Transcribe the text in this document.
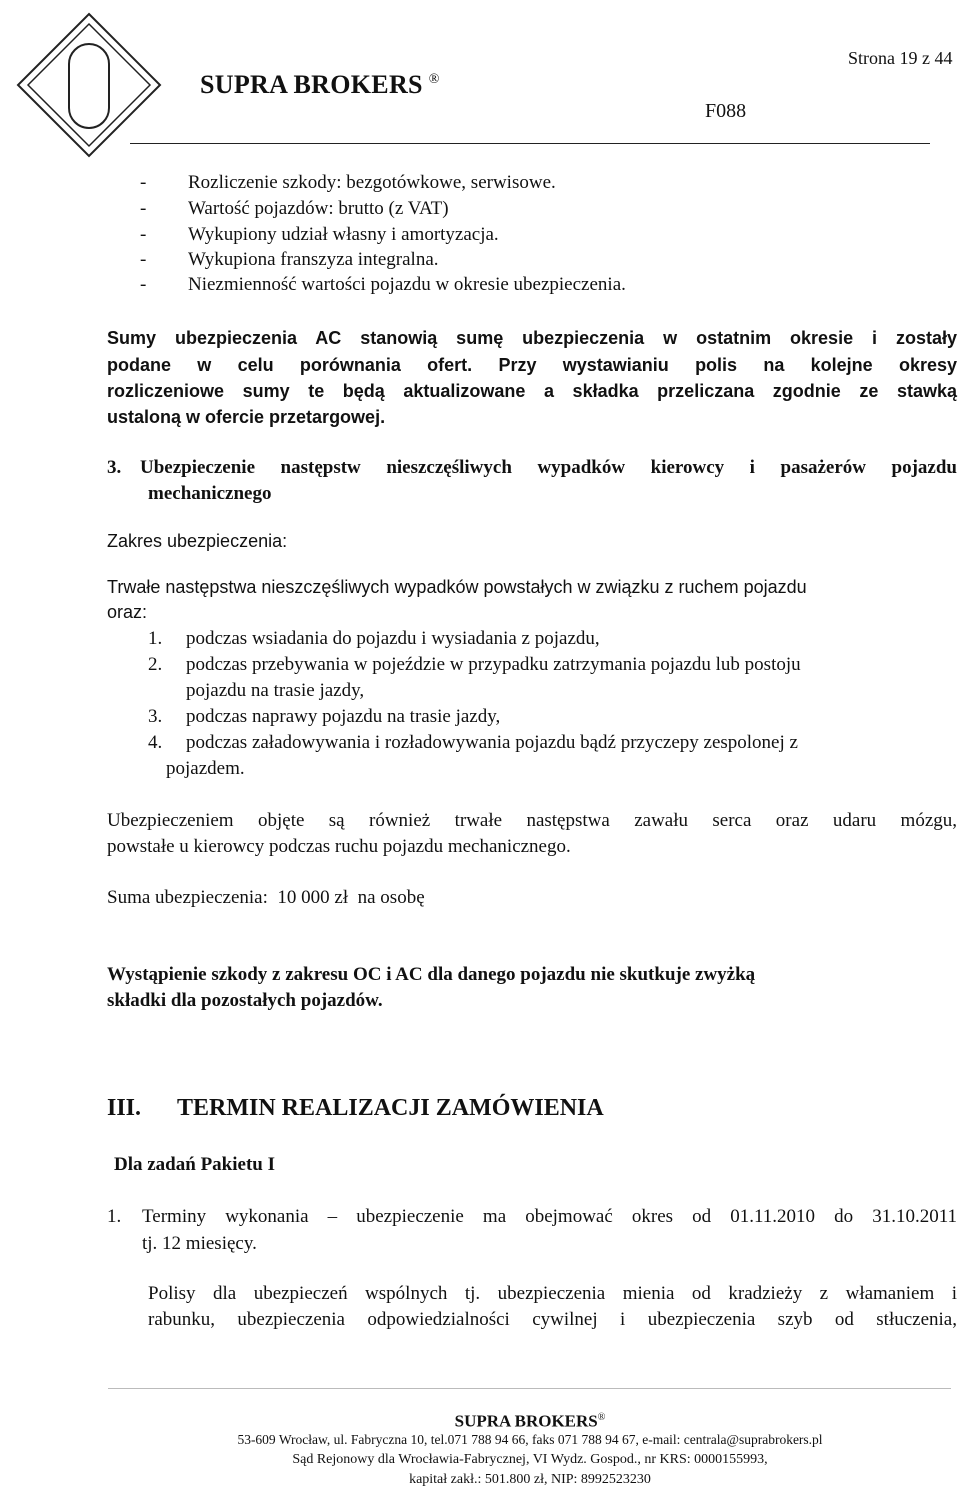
SUPRA BROKERS ®
Strona 19 z 44
F088
- Rozliczenie szkody: bezgotówkowe, serwisowe.
- Wartość pojazdów: brutto (z VAT)
- Wykupiony udział własny i amortyzacja.
- Wykupiona franszyza integralna.
- Niezmienność wartości pojazdu w okresie ubezpieczenia.
Sumy ubezpieczenia AC stanowią sumę ubezpieczenia w ostatnim okresie i zostały
podane w celu porównania ofert. Przy wystawianiu polis na kolejne okresy
rozliczeniowe sumy te będą aktualizowane a składka przeliczana zgodnie ze stawką
ustaloną w ofercie przetargowej.
3. Ubezpieczenie następstw nieszczęśliwych wypadków kierowcy i pasażerów pojazdu
mechanicznego
Zakres ubezpieczenia:
Trwałe następstwa nieszczęśliwych wypadków powstałych w związku z ruchem pojazdu
oraz:
1. podczas wsiadania do pojazdu i wysiadania z pojazdu,
2. podczas przebywania w pojeździe w przypadku zatrzymania pojazdu lub postoju
pojazdu na trasie jazdy,
3. podczas naprawy pojazdu na trasie jazdy,
4. podczas załadowywania i rozładowywania pojazdu bądź przyczepy zespolonej z
pojazdem.
Ubezpieczeniem objęte są również trwałe następstwa zawału serca oraz udaru mózgu,
powstałe u kierowcy podczas ruchu pojazdu mechanicznego.
Suma ubezpieczenia: 10 000 zł na osobę
Wystąpienie szkody z zakresu OC i AC dla danego pojazdu nie skutkuje zwyżką
składki dla pozostałych pojazdów.
III. TERMIN REALIZACJI ZAMÓWIENIA
Dla zadań Pakietu I
1. Terminy wykonania – ubezpieczenie ma obejmować okres od 01.11.2010 do 31.10.2011
tj. 12 miesięcy.
Polisy dla ubezpieczeń wspólnych tj. ubezpieczenia mienia od kradzieży z włamaniem i
rabunku, ubezpieczenia odpowiedzialności cywilnej i ubezpieczenia szyb od stłuczenia,
SUPRA BROKERS®
53-609 Wrocław, ul. Fabryczna 10, tel.071 788 94 66, faks 071 788 94 67, e-mail: centrala@suprabrokers.pl
Sąd Rejonowy dla Wrocławia-Fabrycznej, VI Wydz. Gospod., nr KRS: 0000155993,
kapitał zakł.: 501.800 zł, NIP: 8992523230
